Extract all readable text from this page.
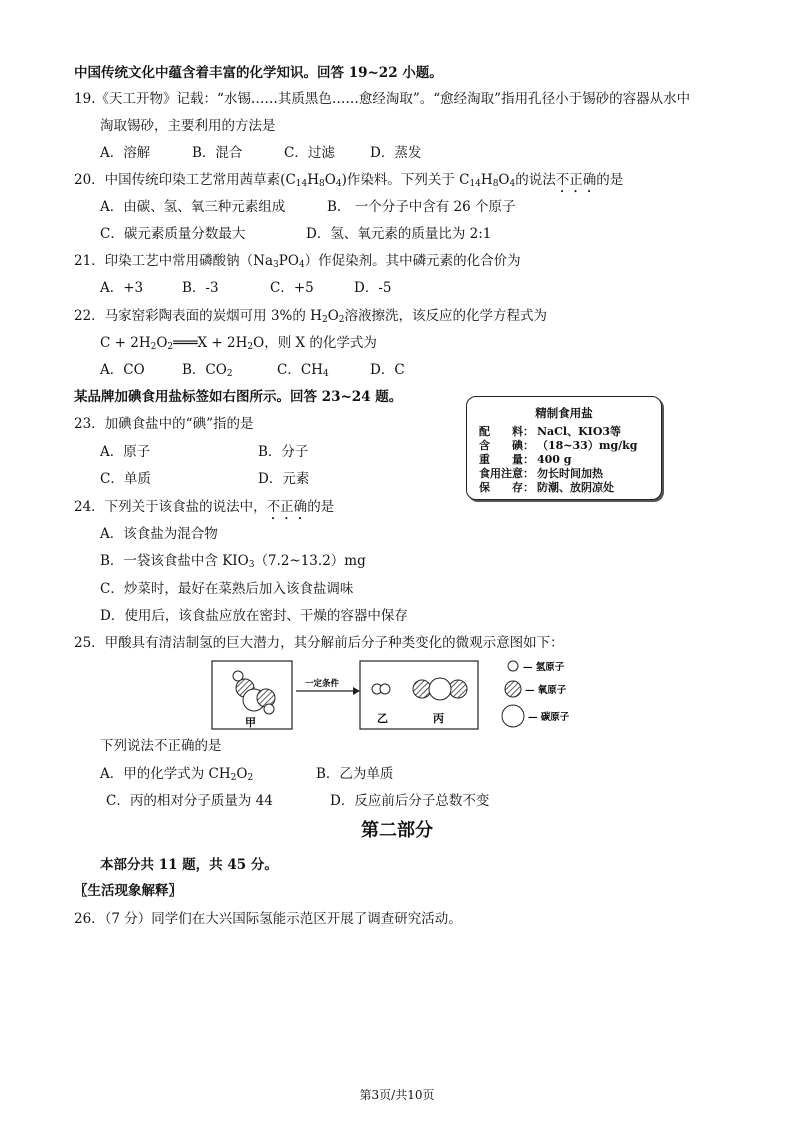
中国传统文化中蕴含着丰富的化学知识。回答 19~22 小题。
19.《天工开物》记载：“水锡……其质黑色……愈经淘取”。“愈经淘取”指用孔径小于锡砂的容器从水中
淘取锡砂，主要利用的方法是
A．溶解	B．混合	C．过滤	D．蒸发
20．中国传统印染工艺常用茜草素$(C_{14}H_8O_4)$作染料。下列关于 $C_{14}H_8O_4$的说法不正确的是
A．由碳、氢、氧三种元素组成	B． 一个分子中含有 26 个原子
C．碳元素质量分数最大	D．氢、氧元素的质量比为 2:1
21．印染工艺中常用磷酸钠$(Na_3PO_4)$作促染剂。其中磷元素的化合价为
A．+3	B．-3	C．+5	D．-5
22．马家窑彩陶表面的炭烟可用 3%的 $H_2O_2$溶液擦洗，该反应的化学方程式为
$C + 2H_2O_2═══X + 2H_2O$，则 X 的化学式为
A．CO	B．$CO_2$	C．$CH_4$	D．C
某品牌加碘食用盐标签如右图所示。回答 23~24 题。
精制食用盐
配　　料： NaCl、KIO3等
含　　碘： （18~33）mg/kg
重　　量： 400 g
食用注意： 勿长时间加热
保　　存： 防潮、放阴凉处
23．加碘食盐中的“碘”指的是
A．原子	B．分子
C．单质	D．元素
24．下列关于该食盐的说法中，不正确的是
A．该食盐为混合物
B．一袋该食盐中含 $KIO_3(7.2\sim 13.2)mg$
C．炒菜时，最好在菜熟后加入该食盐调味
D．使用后，该食盐应放在密封、干燥的容器中保存
25．甲酸具有清洁制氢的巨大潜力，其分解前后分子种类变化的微观示意图如下：
甲
一定条件
乙	丙
— 氢原子
— 氧原子
— 碳原子
下列说法不正确的是
A．甲的化学式为 $CH_2O_2$	B．乙为单质
C．丙的相对分子质量为 44	D．反应前后分子总数不变
第二部分
本部分共 11 题，共 45 分。
〖生活现象解释〗
26．（7 分）同学们在大兴国际氢能示范区开展了调查研究活动。
第3页/共10页
